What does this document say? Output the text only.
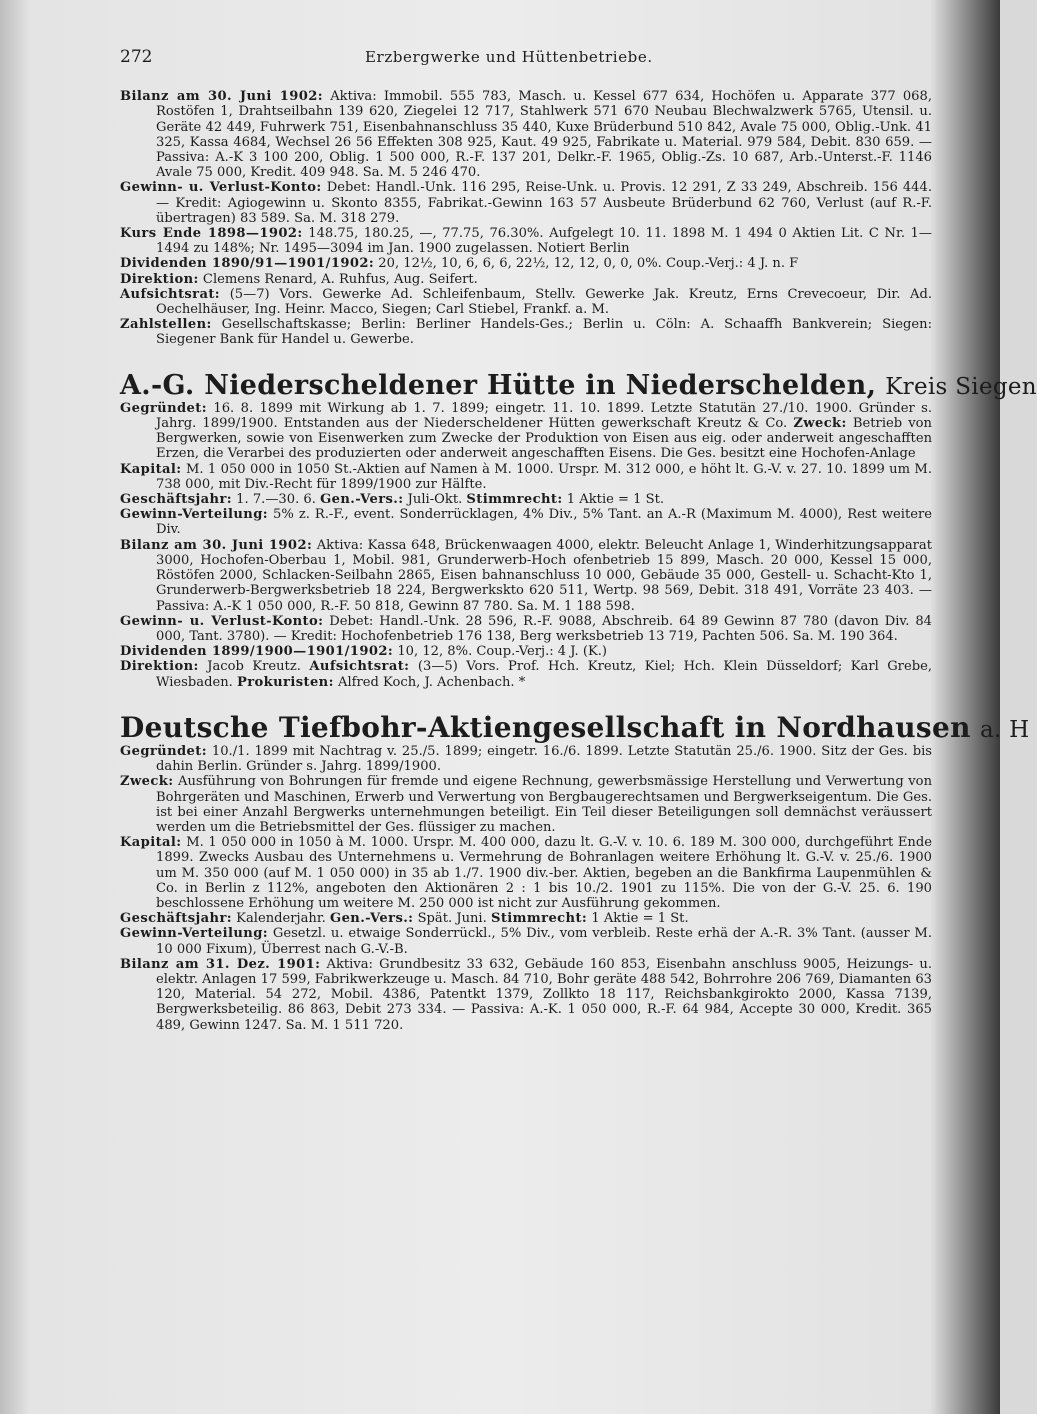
272	Erzbergwerke und Hüttenbetriebe.

Bilanz am 30. Juni 1902: Aktiva: Immobil. 555 783, Masch. u. Kessel 677 634, Hochöfen u. Apparate 377 068, Rostöfen 1, Drahtseilbahn 139 620, Ziegelei 12 717, Stahlwerk 571 670 Neubau Blechwalzwerk 5765, Utensil. u. Geräte 42 449, Fuhrwerk 751, Eisenbahnanschluss 35 440, Kuxe Brüderbund 510 842, Avale 75 000, Oblig.-Unk. 41 325, Kassa 4684, Wechsel 26 56 Effekten 308 925, Kaut. 49 925, Fabrikate u. Material. 979 584, Debit. 830 659. — Passiva: A.-K 3 100 200, Oblig. 1 500 000, R.-F. 137 201, Delkr.-F. 1965, Oblig.-Zs. 10 687, Arb.-Unterst.-F. 1146 Avale 75 000, Kredit. 409 948. Sa. M. 5 246 470.

Gewinn- u. Verlust-Konto: Debet: Handl.-Unk. 116 295, Reise-Unk. u. Provis. 12 291, Z 33 249, Abschreib. 156 444. — Kredit: Agiogewinn u. Skonto 8355, Fabrikat.-Gewinn 163 57 Ausbeute Brüderbund 62 760, Verlust (auf R.-F. übertragen) 83 589. Sa. M. 318 279.

Kurs Ende 1898—1902: 148.75, 180.25, —, 77.75, 76.30%. Aufgelegt 10. 11. 1898 M. 1 494 0 Aktien Lit. C Nr. 1—1494 zu 148%; Nr. 1495—3094 im Jan. 1900 zugelassen. Notiert Berlin

Dividenden 1890/91—1901/1902: 20, 12½, 10, 6, 6, 6, 22½, 12, 12, 0, 0, 0%. Coup.-Verj.: 4 J. n. F

Direktion: Clemens Renard, A. Ruhfus, Aug. Seifert.

Aufsichtsrat: (5—7) Vors. Gewerke Ad. Schleifenbaum, Stellv. Gewerke Jak. Kreutz, Erns Crevecoeur, Dir. Ad. Oechelhäuser, Ing. Heinr. Macco, Siegen; Carl Stiebel, Frankf. a. M.

Zahlstellen: Gesellschaftskasse; Berlin: Berliner Handels-Ges.; Berlin u. Cöln: A. Schaaffh Bankverein; Siegen: Siegener Bank für Handel u. Gewerbe.

A.-G. Niederscheldener Hütte in Niederschelden, Kreis Siegen

Gegründet: 16. 8. 1899 mit Wirkung ab 1. 7. 1899; eingetr. 11. 10. 1899. Letzte Statutän 27./10. 1900. Gründer s. Jahrg. 1899/1900. Entstanden aus der Niederscheldener Hütten gewerkschaft Kreutz & Co. Zweck: Betrieb von Bergwerken, sowie von Eisenwerken zum Zwecke der Produktion von Eisen aus eig. oder anderweit angeschafften Erzen, die Verarbei des produzierten oder anderweit angeschafften Eisens. Die Ges. besitzt eine Hochofen-Anlage

Kapital: M. 1 050 000 in 1050 St.-Aktien auf Namen à M. 1000. Urspr. M. 312 000, e höht lt. G.-V. v. 27. 10. 1899 um M. 738 000, mit Div.-Recht für 1899/1900 zur Hälfte.

Geschäftsjahr: 1. 7.—30. 6. Gen.-Vers.: Juli-Okt. Stimmrecht: 1 Aktie = 1 St.

Gewinn-Verteilung: 5% z. R.-F., event. Sonderrücklagen, 4% Div., 5% Tant. an A.-R (Maximum M. 4000), Rest weitere Div.

Bilanz am 30. Juni 1902: Aktiva: Kassa 648, Brückenwaagen 4000, elektr. Beleucht Anlage 1, Winderhitzungsapparat 3000, Hochofen-Oberbau 1, Mobil. 981, Grunderwerb-Hoch ofenbetrieb 15 899, Masch. 20 000, Kessel 15 000, Röstöfen 2000, Schlacken-Seilbahn 2865, Eisen bahnanschluss 10 000, Gebäude 35 000, Gestell- u. Schacht-Kto 1, Grunderwerb-Bergwerksbetrieb 18 224, Bergwerkskto 620 511, Wertp. 98 569, Debit. 318 491, Vorräte 23 403. — Passiva: A.-K 1 050 000, R.-F. 50 818, Gewinn 87 780. Sa. M. 1 188 598.

Gewinn- u. Verlust-Konto: Debet: Handl.-Unk. 28 596, R.-F. 9088, Abschreib. 64 89 Gewinn 87 780 (davon Div. 84 000, Tant. 3780). — Kredit: Hochofenbetrieb 176 138, Berg werksbetrieb 13 719, Pachten 506. Sa. M. 190 364.

Dividenden 1899/1900—1901/1902: 10, 12, 8%. Coup.-Verj.: 4 J. (K.)

Direktion: Jacob Kreutz. Aufsichtsrat: (3—5) Vors. Prof. Hch. Kreutz, Kiel; Hch. Klein Düsseldorf; Karl Grebe, Wiesbaden. Prokuristen: Alfred Koch, J. Achenbach. *

Deutsche Tiefbohr-Aktiengesellschaft in Nordhausen a. H

Gegründet: 10./1. 1899 mit Nachtrag v. 25./5. 1899; eingetr. 16./6. 1899. Letzte Statutän 25./6. 1900. Sitz der Ges. bis dahin Berlin. Gründer s. Jahrg. 1899/1900.

Zweck: Ausführung von Bohrungen für fremde und eigene Rechnung, gewerbsmässige Herstellung und Verwertung von Bohrgeräten und Maschinen, Erwerb und Verwertung von Bergbaugerechtsamen und Bergwerkseigentum. Die Ges. ist bei einer Anzahl Bergwerks unternehmungen beteiligt. Ein Teil dieser Beteiligungen soll demnächst veräussert werden um die Betriebsmittel der Ges. flüssiger zu machen.

Kapital: M. 1 050 000 in 1050 à M. 1000. Urspr. M. 400 000, dazu lt. G.-V. v. 10. 6. 189 M. 300 000, durchgeführt Ende 1899. Zwecks Ausbau des Unternehmens u. Vermehrung de Bohranlagen weitere Erhöhung lt. G.-V. v. 25./6. 1900 um M. 350 000 (auf M. 1 050 000) in 35 ab 1./7. 1900 div.-ber. Aktien, begeben an die Bankfirma Laupenmühlen & Co. in Berlin z 112%, angeboten den Aktionären 2 : 1 bis 10./2. 1901 zu 115%. Die von der G.-V. 25. 6. 190 beschlossene Erhöhung um weitere M. 250 000 ist nicht zur Ausführung gekommen.

Geschäftsjahr: Kalenderjahr. Gen.-Vers.: Spät. Juni. Stimmrecht: 1 Aktie = 1 St.

Gewinn-Verteilung: Gesetzl. u. etwaige Sonderrückl., 5% Div., vom verbleib. Reste erhä der A.-R. 3% Tant. (ausser M. 10 000 Fixum), Überrest nach G.-V.-B.

Bilanz am 31. Dez. 1901: Aktiva: Grundbesitz 33 632, Gebäude 160 853, Eisenbahn anschluss 9005, Heizungs- u. elektr. Anlagen 17 599, Fabrikwerkzeuge u. Masch. 84 710, Bohr geräte 488 542, Bohrrohre 206 769, Diamanten 63 120, Material. 54 272, Mobil. 4386, Patentkt 1379, Zollkto 18 117, Reichsbankgirokto 2000, Kassa 7139, Bergwerksbeteilig. 86 863, Debit 273 334. — Passiva: A.-K. 1 050 000, R.-F. 64 984, Accepte 30 000, Kredit. 365 489, Gewinn 1247. Sa. M. 1 511 720.
